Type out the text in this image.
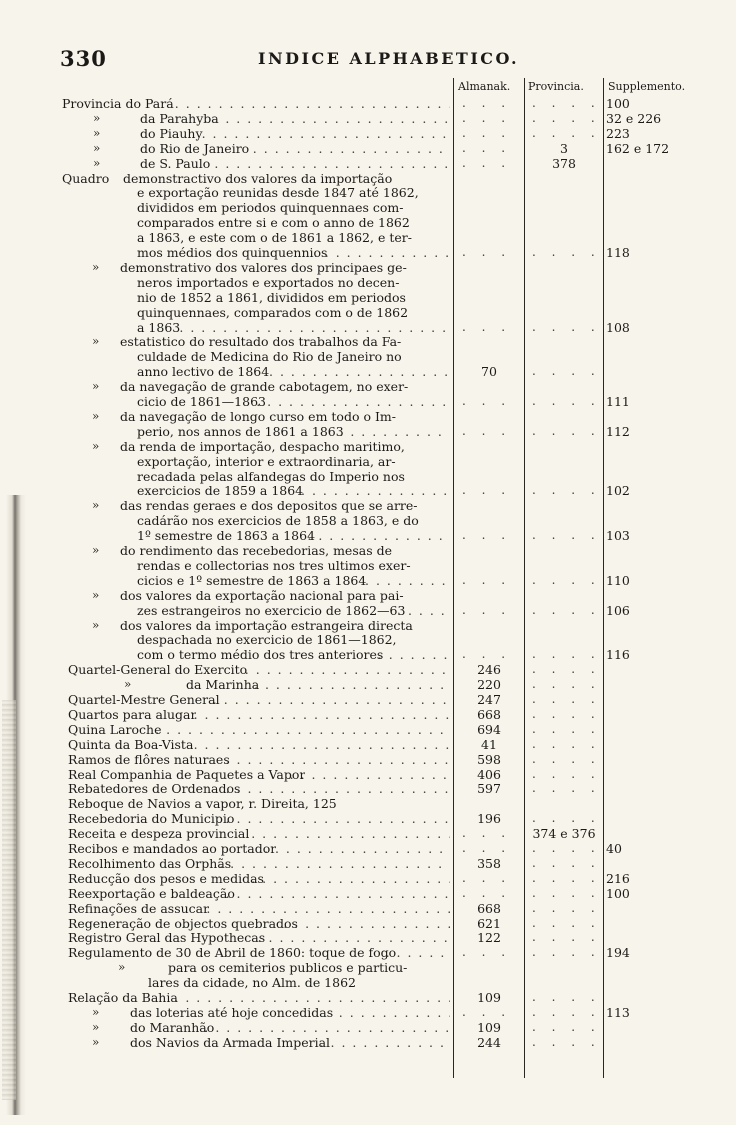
330	INDICE ALPHABETICO.
Almanak. Provincia. Supplemento.
Provincia do Pará . . .	. . . . . . . 100
»	da Parahyba . . .	. . . . . . . 32 e 226
»	do Piauhy . . .	. . . . . . . 223
»	do Rio de Janeiro . . .	. . .	3	162 e 172
»	de S. Paulo . . .	. . .	378
Quadro demonstractivo dos valores da importação
e exportação reunidas desde 1847 até 1862,
divididos em periodos quinquennaes com-
comparados entre si e com o anno de 1862
a 1863, e este com o de 1861 a 1862, e ter-
mos médios dos quinquennios . . .	. . . . . . . 118
» demonstrativo dos valores dos principaes ge-
neros importados e exportados no decen-
nio de 1852 a 1861, divididos em periodos
quinquennaes, comparados com o de 1862
a 1863 . . .	. . . . . . . 108
» estatistico do resultado dos trabalhos da Fa-
culdade de Medicina do Rio de Janeiro no
anno lectivo de 1864 . . .	70	. . . .
» da navegação de grande cabotagem, no exer-
cicio de 1861—1863 . . .	. . . . . . . 111
» da navegação de longo curso em todo o Im-
perio, nos annos de 1861 a 1863 . . .	. . . . . . . 112
» da renda de importação, despacho maritimo,
exportação, interior e extraordinaria, ar-
recadada pelas alfandegas do Imperio nos
exercicios de 1859 a 1864 . . .	. . . . . . . 102
» das rendas geraes e dos depositos que se arre-
cadárão nos exercicios de 1858 a 1863, e do
1º semestre de 1863 a 1864 . . .	. . . . . . . 103
» do rendimento das recebedorias, mesas de
rendas e collectorias nos tres ultimos exer-
cicios e 1º semestre de 1863 a 1864 . . .	. . . . . . . 110
» dos valores da exportação nacional para pai-
zes estrangeiros no exercicio de 1862—63 . . .	. . . . . . . 106
» dos valores da importação estrangeira directa
despachada no exercicio de 1861—1862,
com o termo médio dos tres anteriores . . .	. . . . . . . 116
Quartel-General do Exercito . . .	246	. . . .
»	da Marinha . . .	220	. . . .
Quartel-Mestre General . . .	247	. . . .
Quartos para alugar . . .	668	. . . .
Quina Laroche . . .	694	. . . .
Quinta da Boa-Vista . . .	41	. . . .
Ramos de flôres naturaes . . .	598	. . . .
Real Companhia de Paquetes a Vapor . . .	406	. . . .
Rebatedores de Ordenados . . .	597	. . . .
Reboque de Navios a vapor, r. Direita, 125
Recebedoria do Municipio . . .	196	. . . .
Receita e despeza provincial . . .	. . .	374 e 376
Recibos e mandados ao portador . . .	. . . . . . . 40
Recolhimento das Orphãs . . .	358	. . . .
Reducção dos pesos e medidas . . .	. . . . . . . 216
Reexportação e baldeação . . .	. . . . . . . 100
Refinações de assucar . . .	668	. . . .
Regeneração de objectos quebrados . . .	621	. . . .
Registro Geral das Hypothecas . . .	122	. . . .
Regulamento de 30 de Abril de 1860: toque de fogo . . .	. . . . . . . 194
»	para os cemiterios publicos e particu-
lares da cidade, no Alm. de 1862
Relação da Bahia . . .	109	. . . .
» das loterias até hoje concedidas . . .	. . . . . . . 113
» do Maranhão . . .	109	. . . .
» dos Navios da Armada Imperial . . .	244	. . . .
